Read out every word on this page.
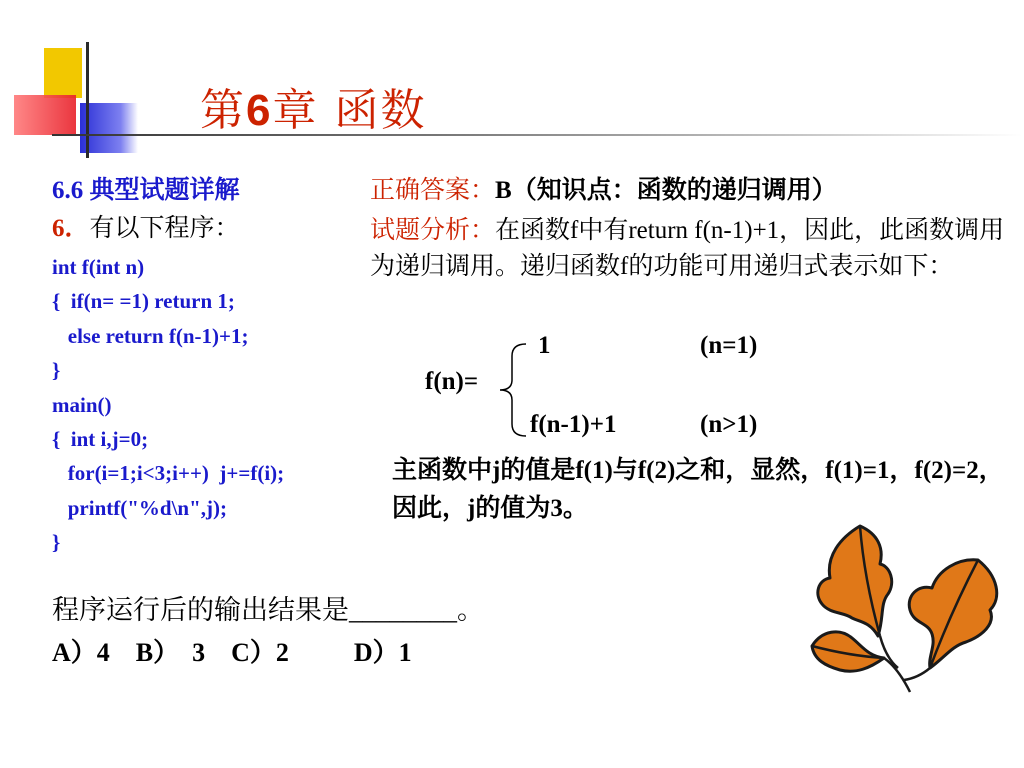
第6章 函数
6.6 典型试题详解
6．有以下程序：
int f(int n)
{  if(n= =1) return 1;
else return f(n-1)+1;
}
main()
{  int i,j=0;
for(i=1;i<3;i++)  j+=f(i);
printf("%d\n",j);
}
程序运行后的输出结果是________。
A）4    B）  3    C）2          D）1
正确答案：B（知识点：函数的递归调用）
试题分析：在函数f中有return f(n-1)+1，因此，此函数调用为递归调用。递归函数f的功能可用递归式表示如下：
f(n)=
1	(n=1)
f(n-1)+1	(n>1)
主函数中j的值是f(1)与f(2)之和，显然，f(1)=1，f(2)=2，因此，j的值为3。
